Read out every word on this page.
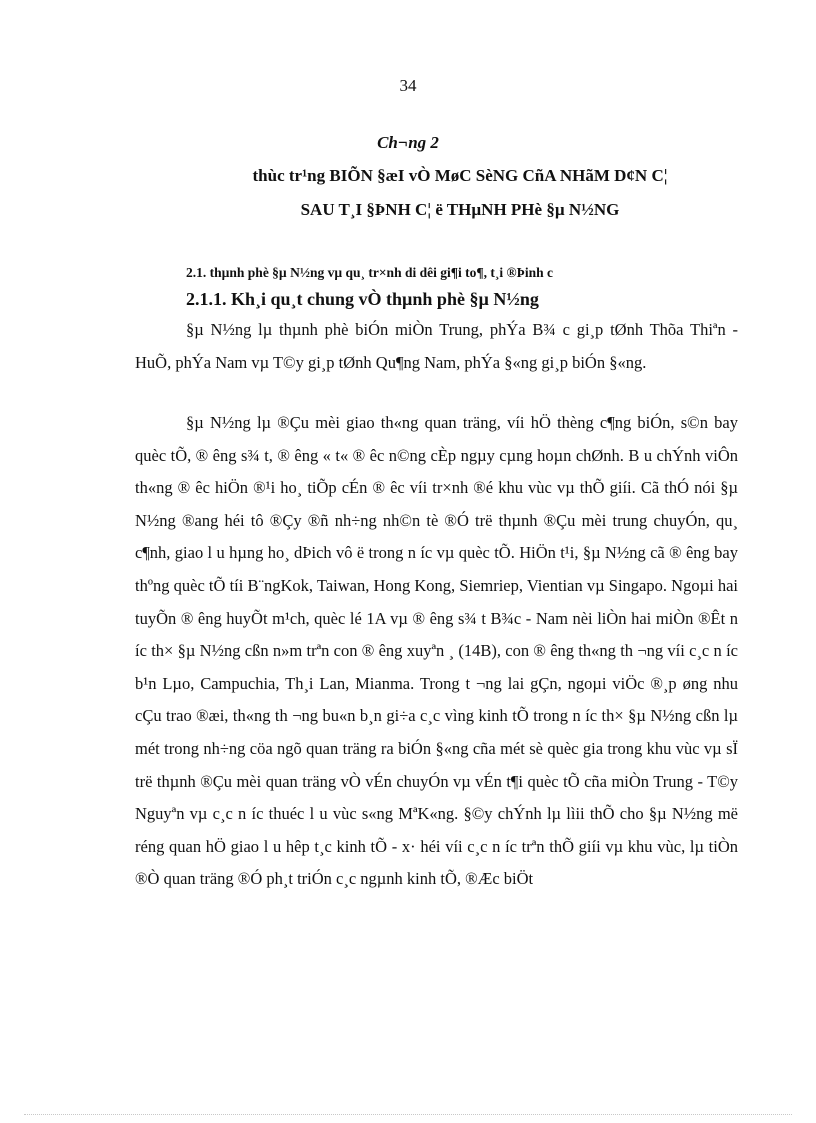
34
Ch¬ng 2
thùc tr¹ng BIÕN §æI vÒ MøC SèNG CñA NHãM D¢N C¦
SAU T¸I §ÞNH C¦ ë THµNH PHè §µ N½NG
2.1. thµnh phè §µ N½ng vµ qu¸ tr×nh di dêi gi¶i to¶, t¸i ®Þinh c
2.1.1. Kh¸i qu¸t chung vÒ thµnh phè §µ N½ng
§µ N½ng lµ thµnh phè biÓn miÒn Trung, phÝa B¾ c gi¸p tØnh Thõa Thiªn - HuÕ, phÝa Nam vµ T©y gi¸p tØnh Qu¶ng Nam, phÝa §«ng gi¸p biÓn §«ng.
§µ N½ng lµ ®Çu mèi giao th«ng quan träng, víi hÖ thèng c¶ng biÓn, s©n bay quèc tÕ, ® êng s¾ t, ® êng « t« ® êc n©ng cÈp ngµy cµng hoµn chØnh. B u chÝnh viÔn th«ng ® êc hiÖn ®¹i ho¸ tiÕp cÉn ® êc víi tr×nh ®é khu vùc vµ thÕ giíi. Cã thÓ nói §µ N½ng ®ang héi tô ®Çy ®ñ nh÷ng nh©n tè ®Ó trë thµnh ®Çu mèi trung chuyÓn, qu¸ c¶nh, giao l u hµng ho¸ dÞich vô ë trong n íc vµ quèc tÕ. HiÖn t¹i, §µ N½ng cã ® êng bay thºng quèc tÕ tíi B¨ngKok, Taiwan, Hong Kong, Siemriep, Vientian vµ Singapo. Ngoµi hai tuyÕn ® êng huyÕt m¹ch, quèc lé 1A vµ ® êng s¾ t B¾c - Nam nèi liÒn hai miÒn ®Êt n íc th× §µ N½ng cßn n»m trªn con ® êng xuyªn ¸ (14B), con ® êng th«ng th ¬ng víi c¸c n íc b¹n Lµo, Campuchia, Th¸i Lan, Mianma. Trong t ¬ng lai gÇn, ngoµi viÖc ®¸p øng nhu cÇu trao ®æi, th«ng th ¬ng bu«n b¸n gi÷a c¸c vìng kinh tÕ trong n íc th× §µ N½ng cßn lµ mét trong nh÷ng cöa ngõ quan träng ra biÓn §«ng cña mét sè quèc gia trong khu vùc vµ sÏ trë thµnh ®Çu mèi quan träng vÒ vÉn chuyÓn vµ vÉn t¶i quèc tÕ cña miÒn Trung - T©y Nguyªn vµ c¸c n íc thuéc l u vùc s«ng MªK«ng. §©y chÝnh lµ lìii thÕ cho §µ N½ng më réng quan hÖ giao l u hêp t¸c kinh tÕ - x· héi víi c¸c n íc trªn thÕ giíi vµ khu vùc, lµ tiÒn ®Ò quan träng ®Ó ph¸t triÓn c¸c ngµnh kinh tÕ, ®Æc biÖt
